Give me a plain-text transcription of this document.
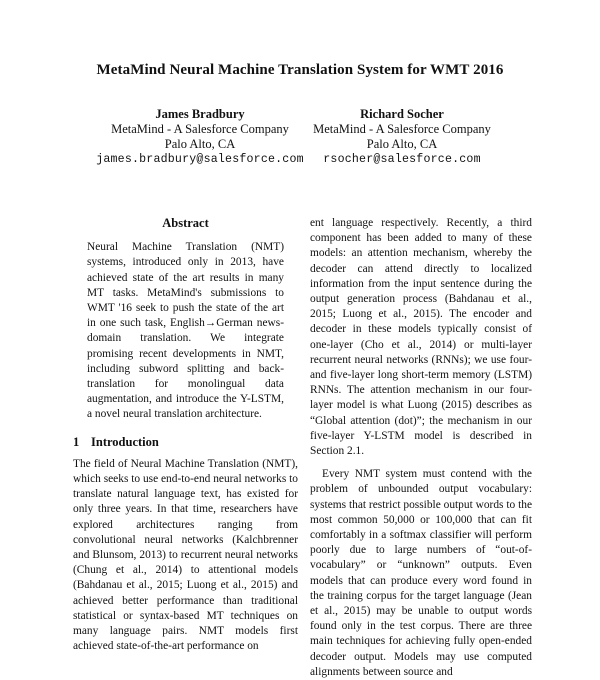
MetaMind Neural Machine Translation System for WMT 2016
James Bradbury
MetaMind - A Salesforce Company
Palo Alto, CA
james.bradbury@salesforce.com
Richard Socher
MetaMind - A Salesforce Company
Palo Alto, CA
rsocher@salesforce.com
Abstract
Neural Machine Translation (NMT) systems, introduced only in 2013, have achieved state of the art results in many MT tasks. MetaMind's submissions to WMT '16 seek to push the state of the art in one such task, English→German news-domain translation. We integrate promising recent developments in NMT, including subword splitting and back-translation for monolingual data augmentation, and introduce the Y-LSTM, a novel neural translation architecture.
1 Introduction

The field of Neural Machine Translation (NMT), which seeks to use end-to-end neural networks to translate natural language text, has existed for only three years. In that time, researchers have explored architectures ranging from convolutional neural networks (Kalchbrenner and Blunsom, 2013) to recurrent neural networks (Chung et al., 2014) to attentional models (Bahdanau et al., 2015; Luong et al., 2015) and achieved better performance than traditional statistical or syntax-based MT techniques on many language pairs. NMT models first achieved state-of-the-art performance on

ent language respectively. Recently, a third component has been added to many of these models: an attention mechanism, whereby the decoder can attend directly to localized information from the input sentence during the output generation process (Bahdanau et al., 2015; Luong et al., 2015). The encoder and decoder in these models typically consist of one-layer (Cho et al., 2014) or multi-layer recurrent neural networks (RNNs); we use four- and five-layer long short-term memory (LSTM) RNNs. The attention mechanism in our four-layer model is what Luong (2015) describes as “Global attention (dot)”; the mechanism in our five-layer Y-LSTM model is described in Section 2.1.

Every NMT system must contend with the problem of unbounded output vocabulary: systems that restrict possible output words to the most common 50,000 or 100,000 that can fit comfortably in a softmax classifier will perform poorly due to large numbers of “out-of-vocabulary” or “unknown” outputs. Even models that can produce every word found in the training corpus for the target language (Jean et al., 2015) may be unable to output words found only in the test corpus. There are three main techniques for achieving fully open-ended decoder output. Models may use computed alignments between source and
